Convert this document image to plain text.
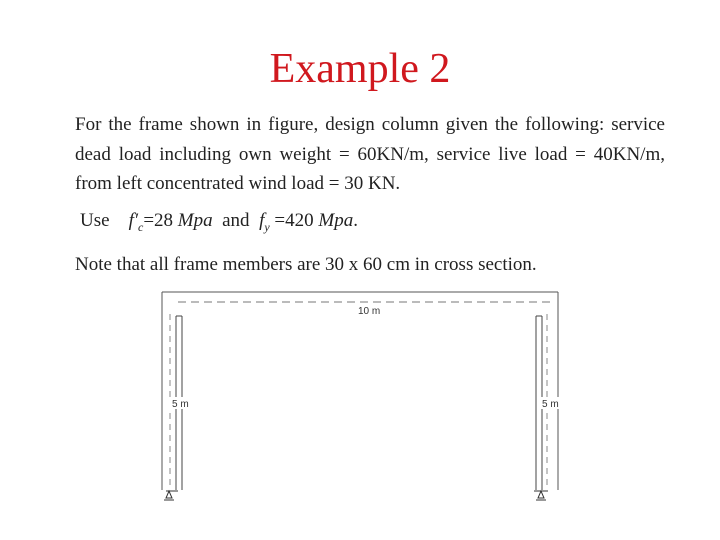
Example 2

For the frame shown in figure, design column given the following: service dead load including own weight = 60KN/m, service live load = 40KN/m, from left concentrated wind load = 30 KN.

Use $f'_c=28$ Mpa and $f_y =420$ Mpa.
Note that all frame members are 30 x 60 cm in cross section.
10 m
5 m	5 m
